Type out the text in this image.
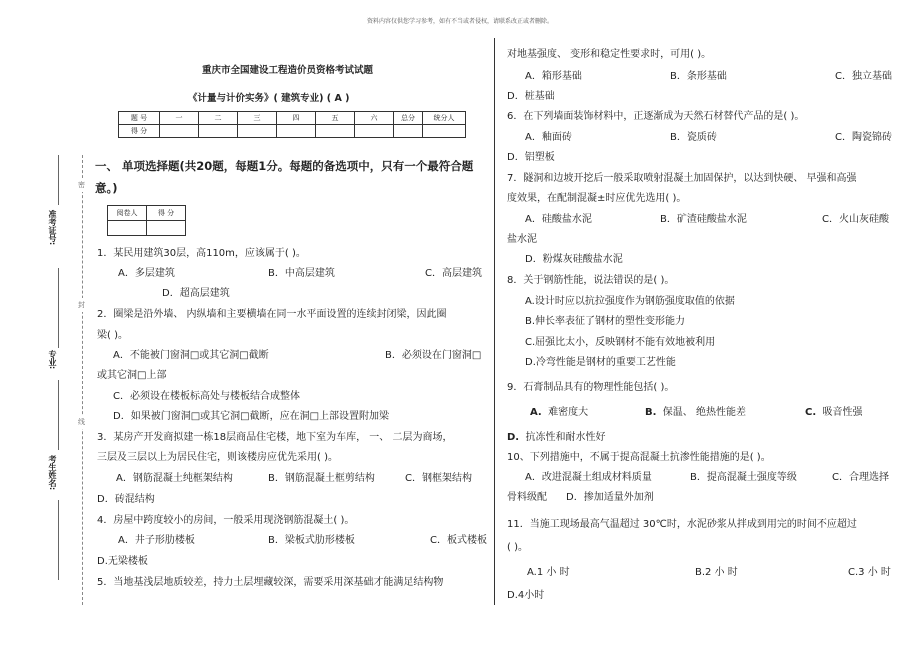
资料内容仅供您学习参考，如有不当或者侵权，请联系改正或者删除。
密
封
线
准考证号:
专业:
考生姓名:
重庆市全国建设工程造价员资格考试试题
《计量与计价实务》( 建筑专业) ( A )
题 号	一	二	三	四	五	六	总分	统分人
得 分								
一、 单项选择题(共20题，每题1分。每题的备选项中，只有一个最符合题
意。)
阅卷人	得 分

1．某民用建筑30层，高110m，应该属于( )。
A．多层建筑	B．中高层建筑	C．高层建筑
D．超高层建筑
2．圈梁是沿外墙、 内纵墙和主要横墙在同一水平面设置的连续封闭梁，因此圈
梁( )。
A．不能被门窗洞□或其它洞□截断	B．必须设在门窗洞□
或其它洞□上部
C．必须设在楼板标高处与楼板结合成整体
D．如果被门窗洞□或其它洞□截断，应在洞□上部设置附加梁
3．某房产开发商拟建一栋18层商品住宅楼，地下室为车库， 一、 二层为商场，
三层及三层以上为居民住宅，则该楼房应优先采用( )。
A．钢筋混凝土纯框架结构	B．钢筋混凝土框剪结构	C．钢框架结构
D．砖混结构
4．房屋中跨度较小的房间，一般采用现浇钢筋混凝土( )。
A．井子形肋楼板	B．梁板式肋形楼板	C．板式楼板
D.无梁楼板
5．当地基浅层地质较差，持力土层埋藏较深，需要采用深基础才能满足结构物
对地基强度、 变形和稳定性要求时，可用( )。
A．箱形基础	B．条形基础	C．独立基础
D．桩基础
6．在下列墙面装饰材料中，正逐渐成为天然石材替代产品的是( )。
A．釉面砖	B．瓷质砖	C．陶瓷锦砖
D．铝塑板
7．隧洞和边坡开挖后一般采取喷射混凝土加固保护，以达到快硬、 早强和高强
度效果，在配制混凝±时应优先选用( )。
A．硅酸盐水泥	B．矿渣硅酸盐水泥	C．火山灰硅酸
盐水泥
D．粉煤灰硅酸盐水泥
8．关于钢筋性能，说法错误的是( )。
A.设计时应以抗拉强度作为钢筋强度取值的依据
B.伸长率表征了钢材的塑性变形能力
C.屈强比太小，反映钢材不能有效地被利用
D.冷弯性能是钢材的重要工艺性能
9．石膏制品具有的物理性能包括( )。
A. 难密度大	B. 保温、 绝热性能差	C. 吸音性强
D. 抗冻性和耐水性好
10、下列措施中，不属于提高混凝土抗渗性能措施的是( )。
A．改进混凝土组成材料质量	B．提高混凝土强度等级	C．合理选择
骨料级配 D．掺加适量外加剂
11．当施工现场最高气温超过 30℃时，水泥砂浆从拌成到用完的时间不应超过
( )。
A.1 小 时	B.2 小 时	C.3 小 时
D.4小时
